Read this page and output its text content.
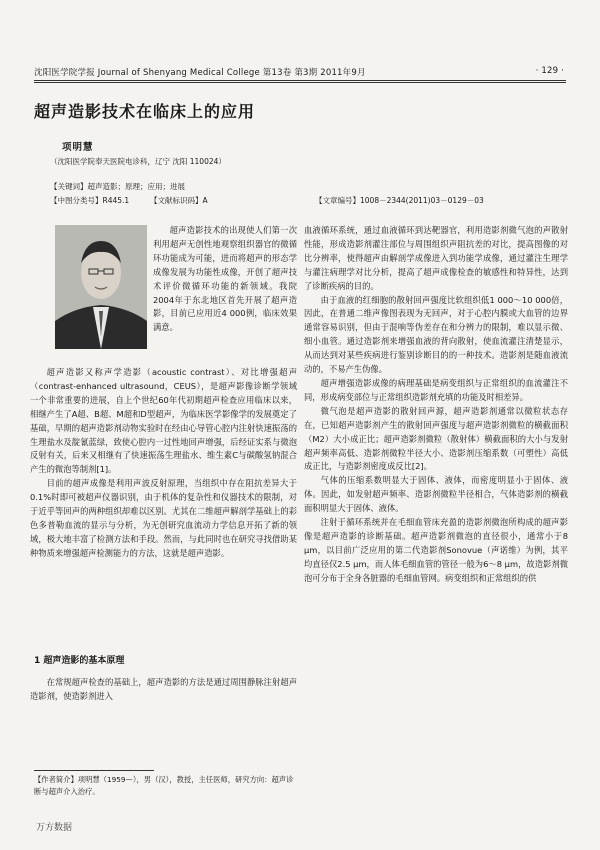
沈阳医学院学报 Journal of Shenyang Medical College 第13卷 第3期 2011年9月	· 129 ·
超声造影技术在临床上的应用
项明慧
（沈阳医学院奉天医院电诊科，辽宁 沈阳 110024）
【关键词】超声造影；原理；应用；进展
【中图分类号】R445.1	【文献标识码】A	【文章编号】1008－2344(2011)03－0129－03

超声造影技术的出现使人们第一次利用超声无创性地观察组织器官的微循环功能成为可能，进而将超声的形态学成像发展为功能性成像，开创了超声技术评价微循环功能的新领域。我院2004年于东北地区首先开展了超声造影，目前已应用近4 000例，临床效果满意。

超声造影又称声学造影（acoustic contrast）、对比增强超声（contrast-enhanced ultrasound，CEUS），是超声影像诊断学领域一个非常重要的进展，自上个世纪60年代初期超声检查应用临床以来，相继产生了A超、B超、M超和D型超声，为临床医学影像学的发展奠定了基础，早期的超声造影剂动物实验时在经由心导管心腔内注射快速振荡的生理盐水及靛氰蓝绿，致使心腔内一过性地回声增强，后经证实系与微泡反射有关，后来又相继有了快速振荡生理盐水、维生素C与碳酸氢钠混合产生的微泡等制剂[1]。

目前的超声成像是利用声波反射原理，当组织中存在阻抗差异大于0.1%时即可被超声仪器识别，由于机体的复杂性和仪器技术的限制，对于近乎等回声的两种组织却难以区别。尤其在二维超声解剖学基础上的彩色多普勒血流的显示与分析，为无创研究血流动力学信息开拓了新的领域，极大地丰富了检测方法和手段。然而，与此同时也在研究寻找借助某种物质来增强超声检测能力的方法，这就是超声造影。

1 超声造影的基本原理

在常规超声检查的基础上，超声造影的方法是通过周围静脉注射超声造影剂，使造影剂进入

【作者简介】项明慧（1959—），男（汉），教授，主任医师，研究方向：超声诊断与超声介入治疗。

血液循环系统，通过血液循环到达靶器官，利用造影剂微气泡的声散射性能，形成造影剂灌注部位与周围组织声阻抗差的对比，提高图像的对比分辨率，使得超声由解剖学成像进入到功能学成像，通过灌注生理学与灌注病理学对比分析，提高了超声成像检查的敏感性和特异性，达到了诊断疾病的目的。

由于血液的红细胞的散射回声强度比软组织低1 000～10 000倍，因此，在普通二维声像图表现为无回声，对于心腔内膜或大血管的边界通常容易识别，但由于混响等伪差存在和分辨力的限制，难以显示微、细小血管。通过造影剂来增强血液的背向散射，使血流灌注清楚显示，从而达到对某些疾病进行鉴别诊断目的的一种技术。造影剂是随血液流动的，不易产生伪像。

超声增强造影成像的病理基础是病变组织与正常组织的血流灌注不同，形成病变部位与正常组织造影剂充填的功能及时相差异。

微气泡是超声造影的散射回声源，超声造影剂通常以微粒状态存在，已知超声造影剂产生的散射回声强度与超声造影剂微粒的横截面积（M2）大小成正比；超声造影剂微粒（散射体）横截面积的大小与发射超声频率高低、造影剂微粒半径大小、造影剂压缩系数（可塑性）高低成正比，与造影剂密度成反比[2]。

气体的压缩系数明显大于固体、液体，而密度明显小于固体、液体。因此，如发射超声频率、造影剂微粒半径相合，气体造影剂的横截面积明显大于固体、液体。

注射于循环系统并在毛细血管床充盈的造影剂微泡所构成的超声影像是超声造影的诊断基础。超声造影剂微泡的直径很小，通常小于8 μm，以目前广泛应用的第二代造影剂Sonovue（声诺维）为例，其平均直径仅2.5 μm，而人体毛细血管的管径一般为6～8 μm，故造影剂微泡可分布于全身各脏器的毛细血管网。病变组织和正常组织的供

万方数据
